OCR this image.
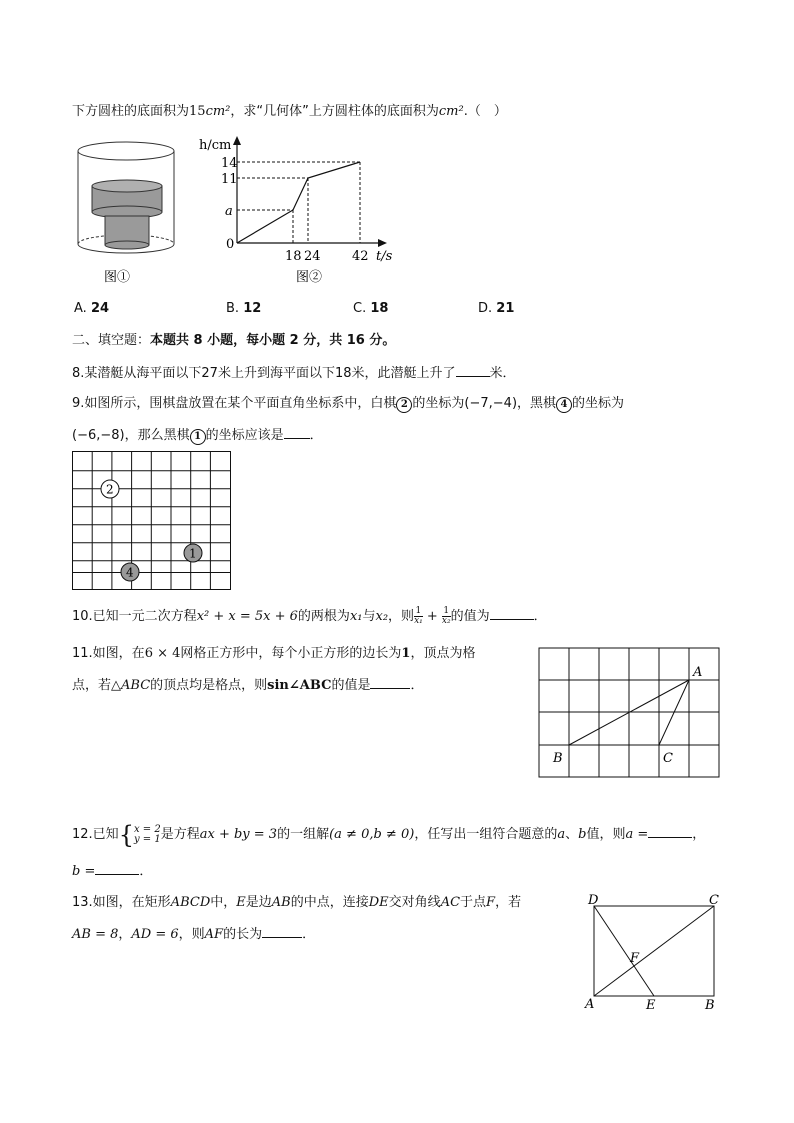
下方圆柱的底面积为15cm²，求“几何体”上方圆柱体的底面积为cm².（　）
图①
h/cm
t/s
0
14
11
a
18 24 42
图②
A. 24	B. 12	C. 18	D. 21
二、填空题：本题共 8 小题，每小题 2 分，共 16 分。
8.某潜艇从海平面以下27米上升到海平面以下18米，此潜艇上升了	米．
9.如图所示，围棋盘放置在某个平面直角坐标系中，白棋 2 的坐标为(−7,−4)，黑棋 4 的坐标为
(−6,−8)，那么黑棋 1 的坐标应该是 ．
2
4
1
10.已知一元二次方程x² + x = 5x + 6的两根为x₁与x₂，则 $\frac{1}{\text{x₁}} + \frac{1}{\text{x₂}}$ 的值为	．
11.如图，在6 × 4网格正方形中，每个小正方形的边长为1，顶点为格
点，若△ABC的顶点均是格点，则sin∠ABC的值是	．
A
B	C
12.已知{ x = 2
y = 1 是方程ax + by = 3的一组解(a ≠ 0,b ≠ 0)，任写出一组符合题意的a、b值，则a =	，
b =	．
13.如图，在矩形ABCD中，E是边AB的中点，连接DE交对角线AC于点F，若
AB = 8，AD = 6，则AF的长为	．
D	C
A	E	B
F
